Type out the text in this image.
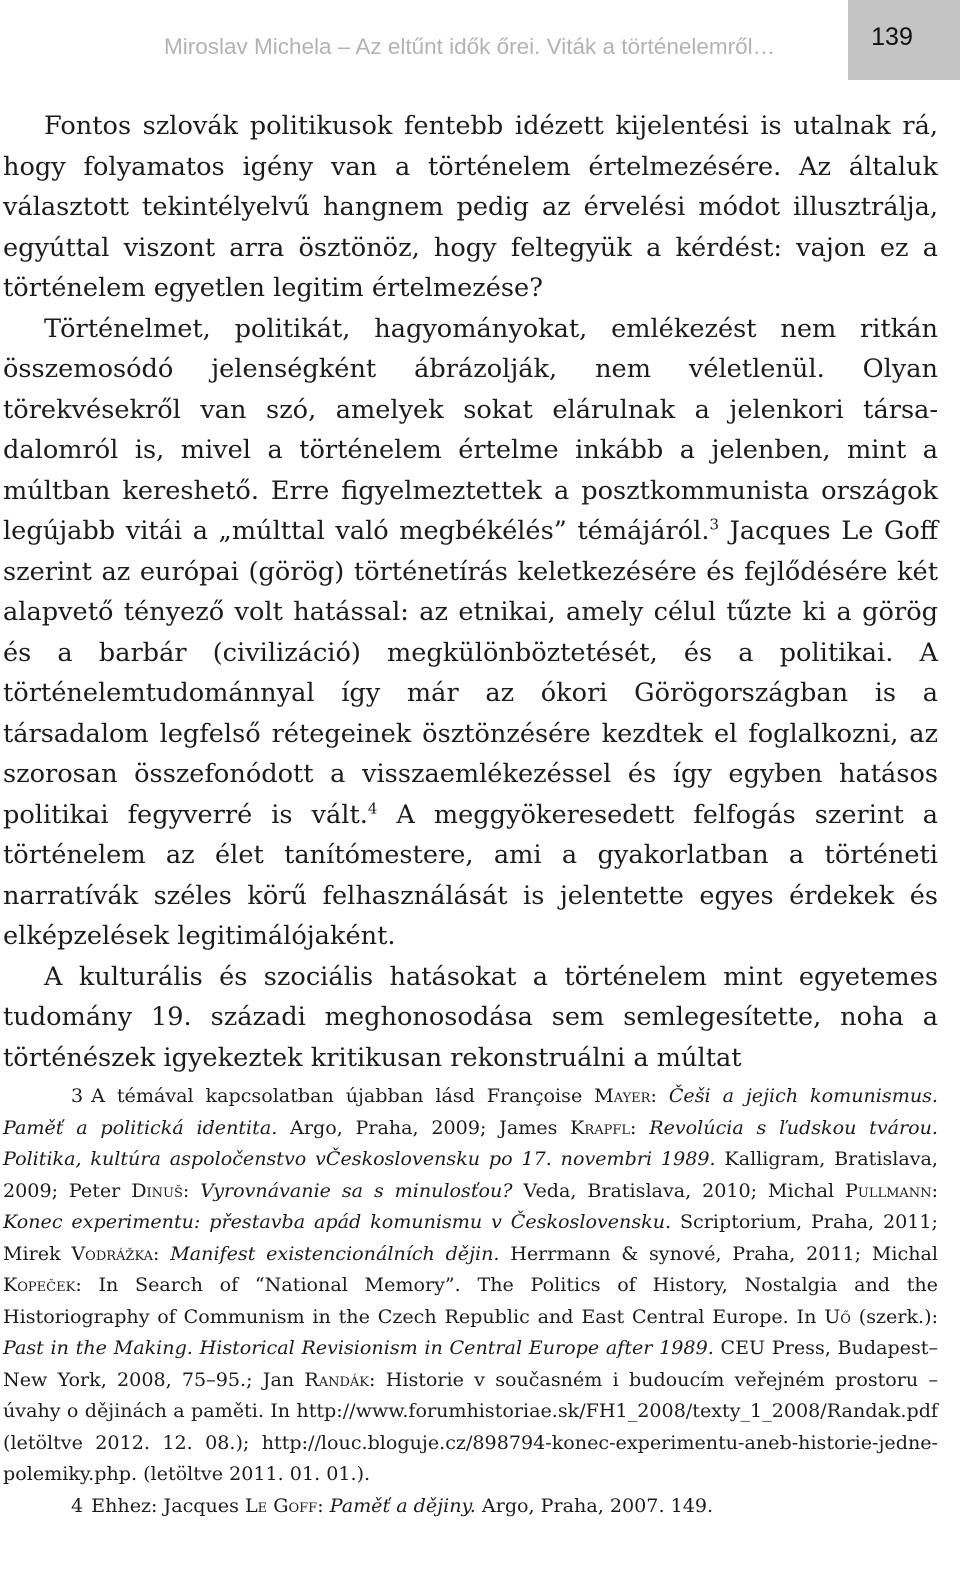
Miroslav Michela – Az eltűnt idők őrei. Viták a történelemről…	139

Fontos szlovák politikusok fentebb idézett kijelentési is utalnak rá, hogy folyamatos igény van a történelem értelmezésére. Az általuk választott tekintélyelvű hangnem pedig az érvelési módot illusztrálja, egyúttal viszont arra ösztönöz, hogy feltegyük a kérdést: vajon ez a történelem egyetlen legitim értelmezése?

Történelmet, politikát, hagyományokat, emlékezést nem ritkán összemosódó jelenségként ábrázolják, nem véletlenül. Olyan törekvésekről van szó, amelyek sokat elárulnak a jelenkori társadalomról is, mivel a történelem értelme inkább a jelenben, mint a múltban kereshető. Erre figyelmeztettek a posztkommunista országok legújabb vitái a „múlttal való megbékélés” témájáról.$^3$ Jacques Le Goff szerint az európai (görög) történetírás keletkezésére és fejlődésére két alapvető tényező volt hatással: az etnikai, amely célul tűzte ki a görög és a barbár (civilizáció) megkülönböztetését, és a politikai. A történelemtudománnyal így már az ókori Görögországban is a társadalom legfelső rétegeinek ösztönzésére kezdtek el foglalkozni, az szorosan összefonódott a visszaemlékezéssel és így egyben hatásos politikai fegyverré is vált.$^4$ A meggyökeresedett felfogás szerint a történelem az élet tanítómestere, ami a gyakorlatban a történeti narratívák széles körű felhasználását is jelentette egyes érdekek és elképzelések legitimálójaként.

A kulturális és szociális hatásokat a történelem mint egyetemes tudomány 19. századi meghonosodása sem semlegesítette, noha a történészek igyekeztek kritikusan rekonstruálni a múltat

3 A témával kapcsolatban újabban lásd Françoise Mayer: Češi a jejich komunismus. Paměť a politická identita. Argo, Praha, 2009; James Krapfl: Revolúcia s ľudskou tvárou. Politika, kultúra aspoločenstvo vČeskoslovensku po 17. novembri 1989. Kalligram, Bratislava, 2009; Peter Dinuš: Vyrovnávanie sa s minulosťou? Veda, Bratislava, 2010; Michal Pullmann: Konec experimentu: přestavba apád komunismu v Československu. Scriptorium, Praha, 2011; Mirek Vodrážka: Manifest existencionálních dějin. Herrmann & synové, Praha, 2011; Michal Kopeček: In Search of “National Memory”. The Politics of History, Nostalgia and the Historiography of Communism in the Czech Republic and East Central Europe. In Uő (szerk.): Past in the Making. Historical Revisionism in Central Europe after 1989. CEU Press, Budapest–New York, 2008, 75–95.; Jan Randák: Historie v současném i budoucím veřejném prostoru – úvahy o dějinách a paměti. In http://www.forumhistoriae.sk/FH1_2008/texty_1_2008/Randak.pdf (letöltve 2012. 12. 08.); http://louc.bloguje.cz/898794-konec-experimentu-aneb-historie-jednepolemiky.php. (letöltve 2011. 01. 01.).

4 Ehhez: Jacques Le Goff: Paměť a dějiny. Argo, Praha, 2007. 149.
